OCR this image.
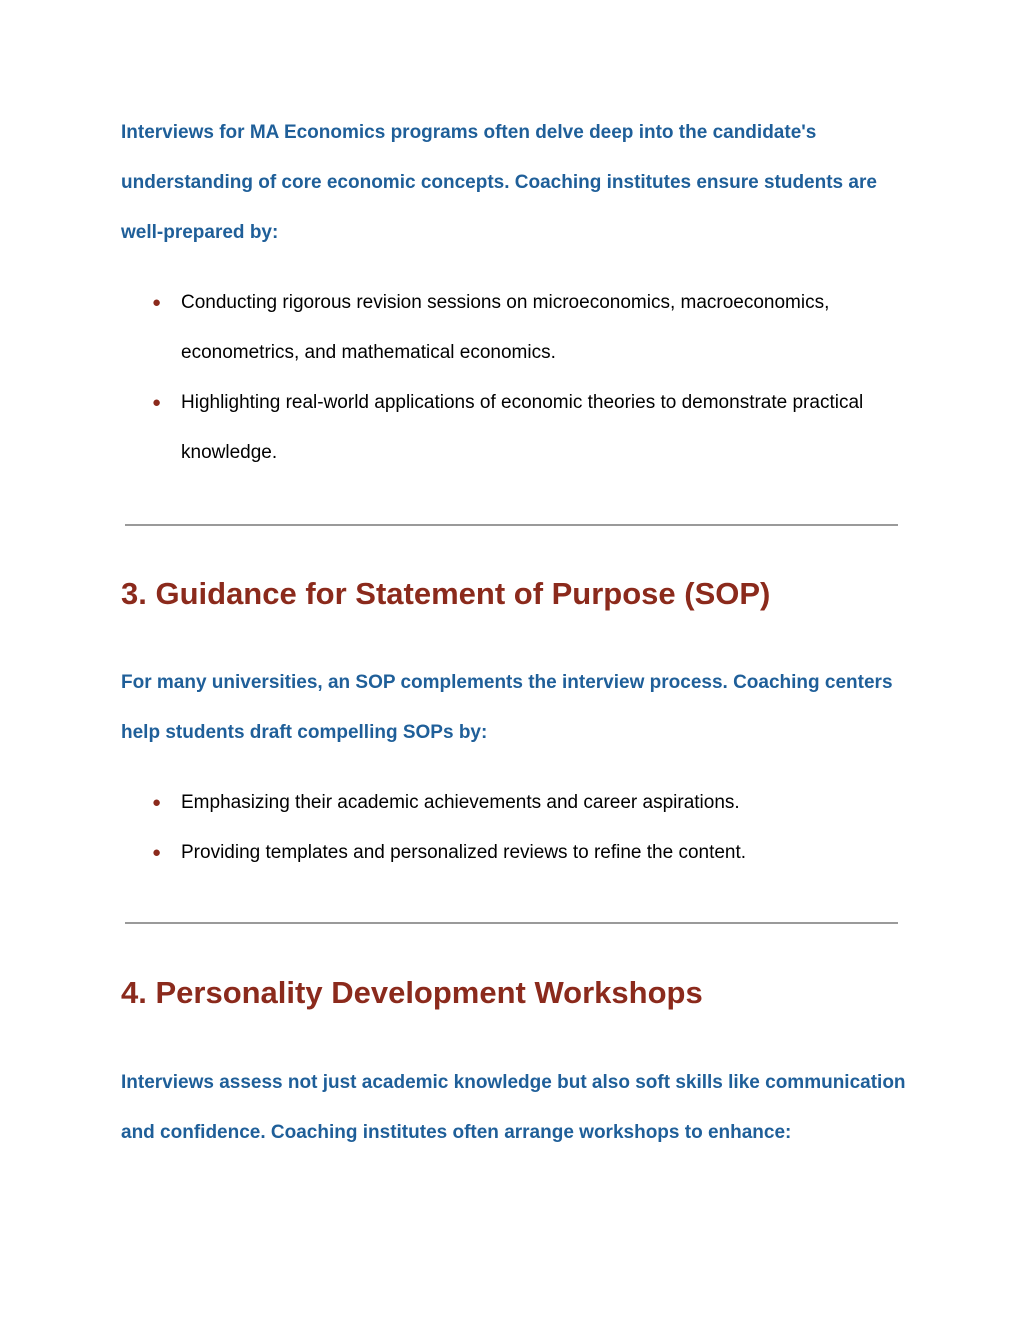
Interviews for MA Economics programs often delve deep into the candidate's understanding of core economic concepts. Coaching institutes ensure students are well-prepared by:

● Conducting rigorous revision sessions on microeconomics, macroeconomics, econometrics, and mathematical economics.
● Highlighting real-world applications of economic theories to demonstrate practical knowledge.
3. Guidance for Statement of Purpose (SOP)

For many universities, an SOP complements the interview process. Coaching centers help students draft compelling SOPs by:

● Emphasizing their academic achievements and career aspirations.
● Providing templates and personalized reviews to refine the content.
4. Personality Development Workshops

Interviews assess not just academic knowledge but also soft skills like communication and confidence. Coaching institutes often arrange workshops to enhance:
